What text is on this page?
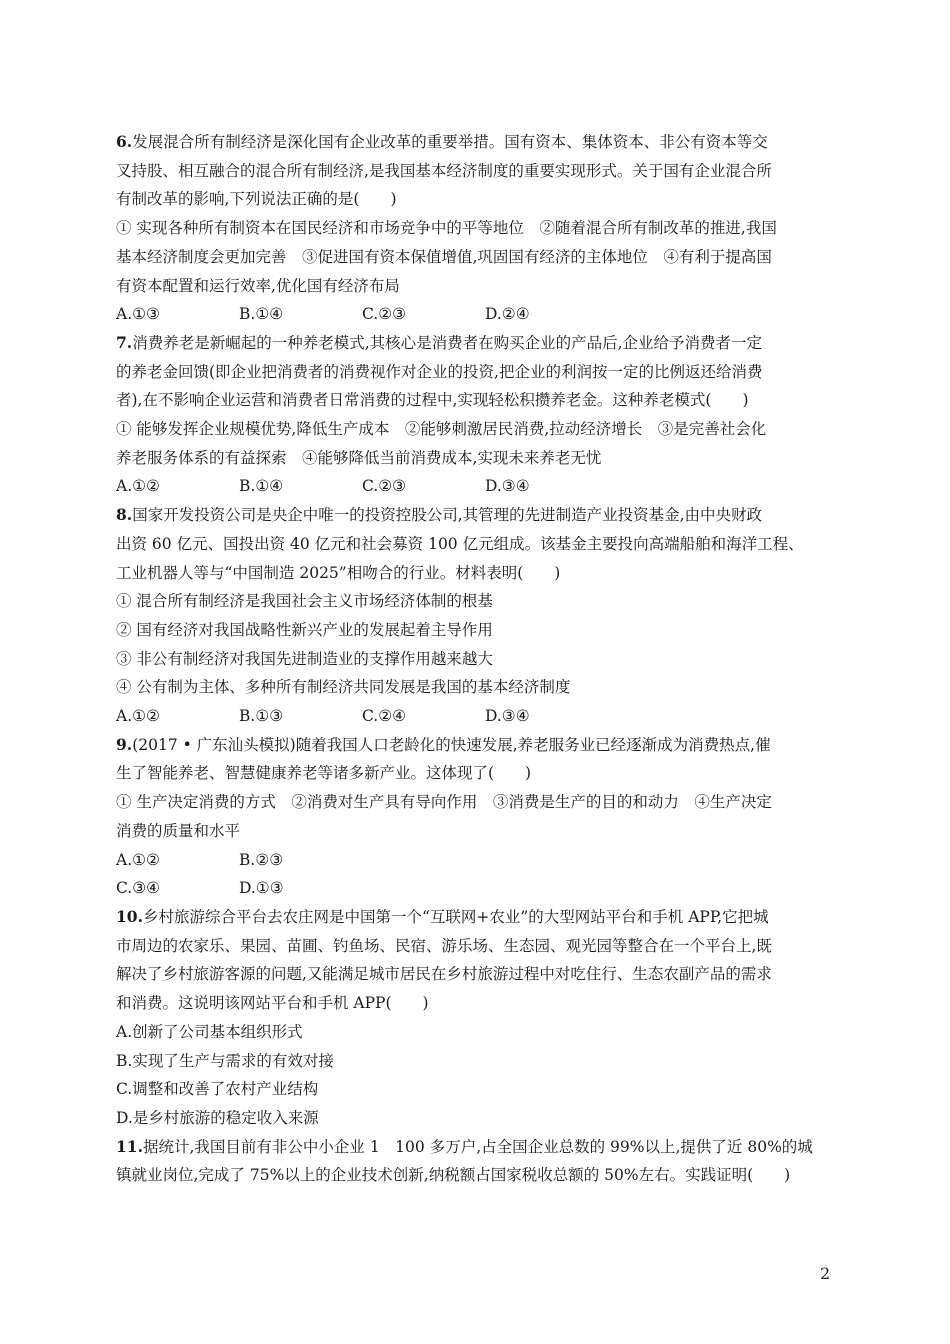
6.发展混合所有制经济是深化国有企业改革的重要举措。国有资本、集体资本、非公有资本等交
叉持股、相互融合的混合所有制经济,是我国基本经济制度的重要实现形式。关于国有企业混合所
有制改革的影响,下列说法正确的是(　　)
① 实现各种所有制资本在国民经济和市场竞争中的平等地位　②随着混合所有制改革的推进,我国
基本经济制度会更加完善　③促进国有资本保值增值,巩固国有经济的主体地位　④有利于提高国
有资本配置和运行效率,优化国有经济布局
A.①③	B.①④	C.②③	D.②④
7.消费养老是新崛起的一种养老模式,其核心是消费者在购买企业的产品后,企业给予消费者一定
的养老金回馈(即企业把消费者的消费视作对企业的投资,把企业的利润按一定的比例返还给消费
者),在不影响企业运营和消费者日常消费的过程中,实现轻松积攒养老金。这种养老模式(　　)
① 能够发挥企业规模优势,降低生产成本　②能够刺激居民消费,拉动经济增长　③是完善社会化
养老服务体系的有益探索　④能够降低当前消费成本,实现未来养老无忧
A.①②	B.①④	C.②③	D.③④
8.国家开发投资公司是央企中唯一的投资控股公司,其管理的先进制造产业投资基金,由中央财政
出资 60 亿元、国投出资 40 亿元和社会募资 100 亿元组成。该基金主要投向高端船舶和海洋工程、
工业机器人等与“中国制造 2025”相吻合的行业。材料表明(　　)
① 混合所有制经济是我国社会主义市场经济体制的根基
② 国有经济对我国战略性新兴产业的发展起着主导作用
③ 非公有制经济对我国先进制造业的支撑作用越来越大
④ 公有制为主体、多种所有制经济共同发展是我国的基本经济制度
A.①②	B.①③	C.②④	D.③④
9.(2017 • 广东汕头模拟)随着我国人口老龄化的快速发展,养老服务业已经逐渐成为消费热点,催
生了智能养老、智慧健康养老等诸多新产业。这体现了(　　)
① 生产决定消费的方式　②消费对生产具有导向作用　③消费是生产的目的和动力　④生产决定
消费的质量和水平
A.①②	B.②③
C.③④	D.①③
10.乡村旅游综合平台去农庄网是中国第一个“互联网+农业”的大型网站平台和手机 APP,它把城
市周边的农家乐、果园、苗圃、钓鱼场、民宿、游乐场、生态园、观光园等整合在一个平台上,既
解决了乡村旅游客源的问题,又能满足城市居民在乡村旅游过程中对吃住行、生态农副产品的需求
和消费。这说明该网站平台和手机 APP(　　)
A.创新了公司基本组织形式
B.实现了生产与需求的有效对接
C.调整和改善了农村产业结构
D.是乡村旅游的稳定收入来源
11.据统计,我国目前有非公中小企业 1　100 多万户,占全国企业总数的 99%以上,提供了近 80%的城
镇就业岗位,完成了 75%以上的企业技术创新,纳税额占国家税收总额的 50%左右。实践证明(　　)
2
